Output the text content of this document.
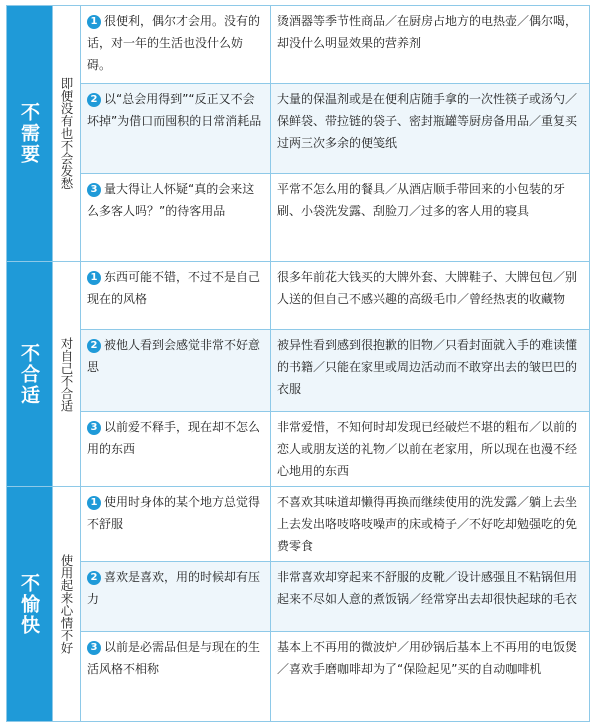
不需要	即便没有也不会发愁	1 很便利，偶尔才会用。没有的话，对一年的生活也没什么妨碍。	烫酒器等季节性商品／在厨房占地方的电热壶／偶尔喝，却没什么明显效果的营养剂
		2 以“总会用得到”“反正又不会坏掉”为借口而囤积的日常消耗品	大量的保温剂或是在便利店随手拿的一次性筷子或汤勺／保鲜袋、带拉链的袋子、密封瓶罐等厨房备用品／重复买过两三次多余的便笺纸
		3 量大得让人怀疑“真的会来这么多客人吗？”的待客用品	平常不怎么用的餐具／从酒店顺手带回来的小包装的牙刷、小袋洗发露、刮脸刀／过多的客人用的寝具
不合适	对自己不合适	1 东西可能不错，不过不是自己现在的风格	很多年前花大钱买的大牌外套、大牌鞋子、大牌包包／别人送的但自己不感兴趣的高级毛巾／曾经热衷的收藏物
		2 被他人看到会感觉非常不好意思	被异性看到感到很抱歉的旧物／只看封面就入手的难读懂的书籍／只能在家里或周边活动而不敢穿出去的皱巴巴的衣服
		3 以前爱不释手，现在却不怎么用的东西	非常爱惜，不知何时却发现已经破烂不堪的粗布／以前的恋人或朋友送的礼物／以前在老家用，所以现在也漫不经心地用的东西
不愉快	使用起来心情不好	1 使用时身体的某个地方总觉得不舒服	不喜欢其味道却懒得再换而继续使用的洗发露／躺上去坐上去发出咯吱咯吱噪声的床或椅子／不好吃却勉强吃的免费零食
		2 喜欢是喜欢，用的时候却有压力	非常喜欢却穿起来不舒服的皮靴／设计感强且不粘锅但用起来不尽如人意的煮饭锅／经常穿出去却很快起球的毛衣
		3 以前是必需品但是与现在的生活风格不相称	基本上不再用的微波炉／用砂锅后基本上不再用的电饭煲／喜欢手磨咖啡却为了“保险起见”买的自动咖啡机
